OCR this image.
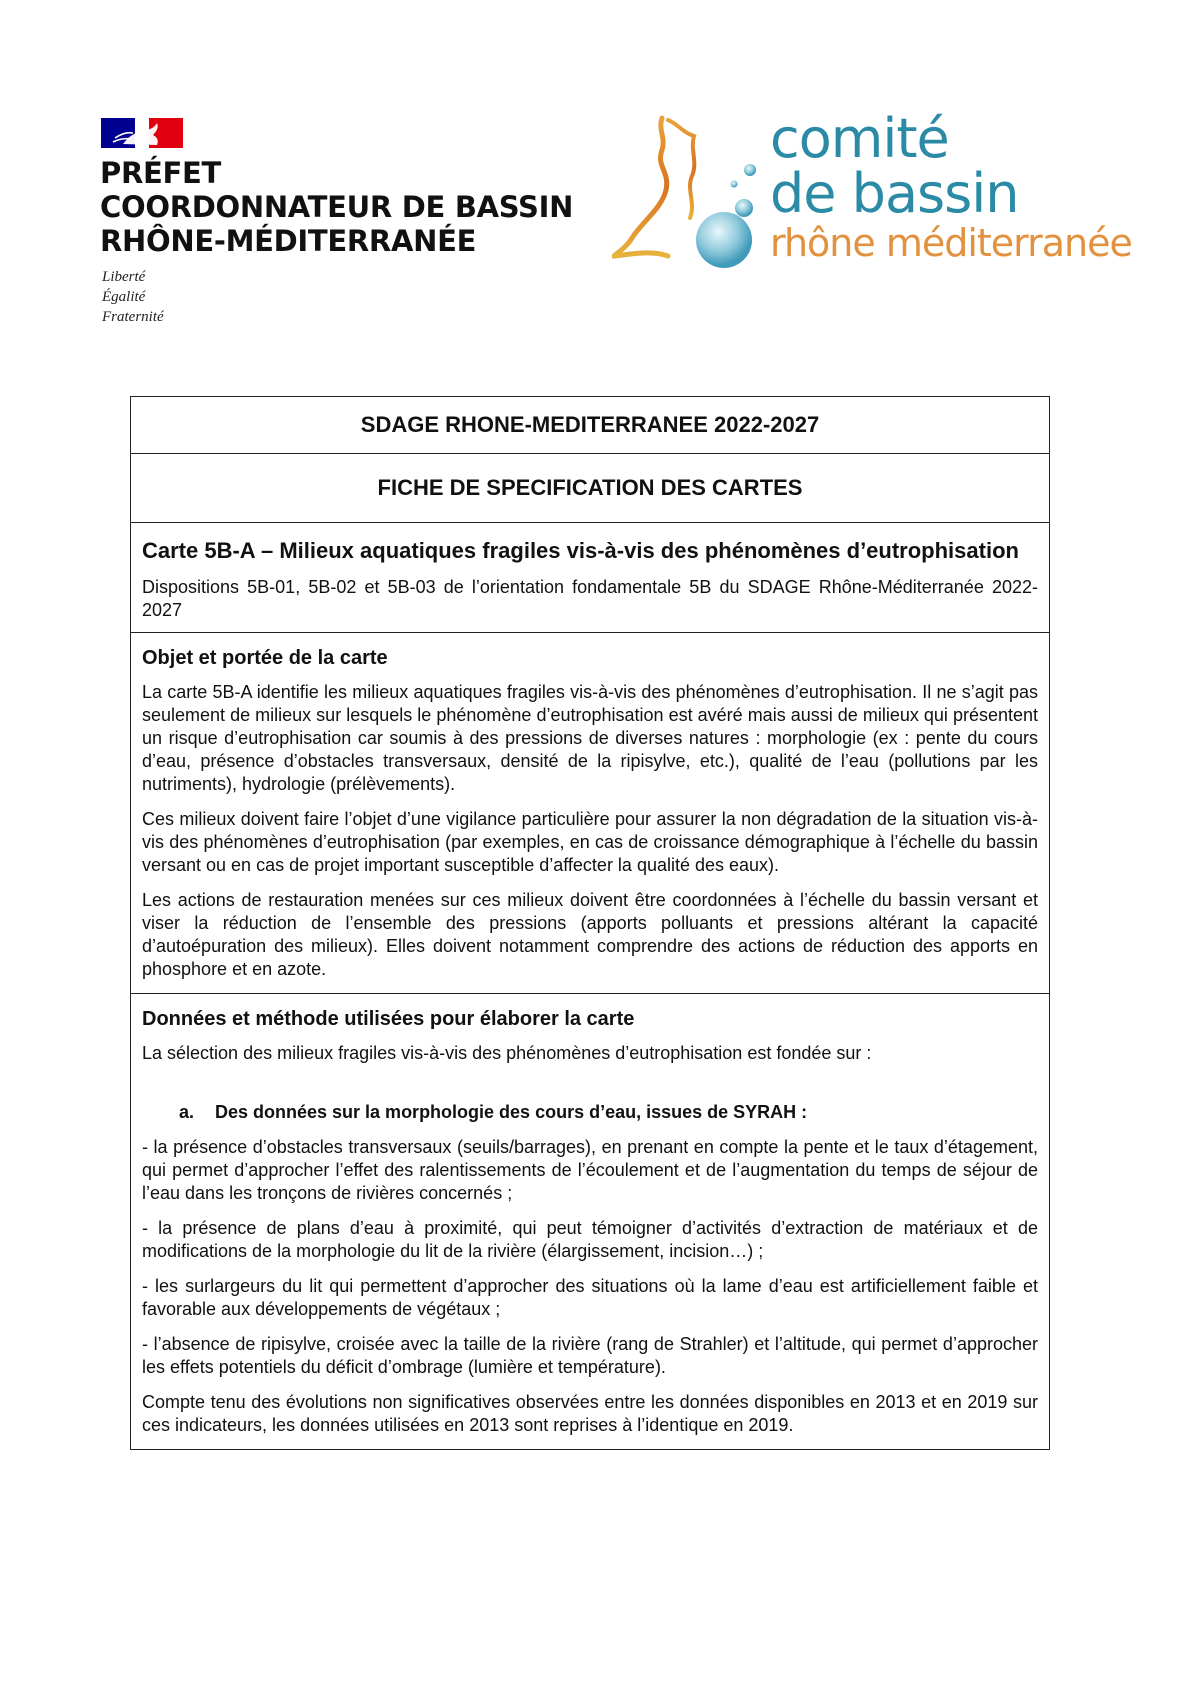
PRÉFET
COORDONNATEUR DE BASSIN
RHÔNE-MÉDITERRANÉE
Liberté
Égalité
Fraternité
comité
de bassin
rhône méditerranée
SDAGE RHONE-MEDITERRANEE 2022-2027
FICHE DE SPECIFICATION DES CARTES
Carte 5B-A – Milieux aquatiques fragiles vis-à-vis des phénomènes d’eutrophisation
Dispositions 5B-01, 5B-02 et 5B-03 de l’orientation fondamentale 5B du SDAGE Rhône-Méditerranée 2022-2027
Objet et portée de la carte

La carte 5B-A identifie les milieux aquatiques fragiles vis-à-vis des phénomènes d’eutrophisation. Il ne s’agit pas seulement de milieux sur lesquels le phénomène d’eutrophisation est avéré mais aussi de milieux qui présentent un risque d’eutrophisation car soumis à des pressions de diverses natures : morphologie (ex : pente du cours d’eau, présence d’obstacles transversaux, densité de la ripisylve, etc.), qualité de l’eau (pollutions par les nutriments), hydrologie (prélèvements).

Ces milieux doivent faire l’objet d’une vigilance particulière pour assurer la non dégradation de la situation vis-à-vis des phénomènes d’eutrophisation (par exemples, en cas de croissance démographique à l’échelle du bassin versant ou en cas de projet important susceptible d’affecter la qualité des eaux).

Les actions de restauration menées sur ces milieux doivent être coordonnées à l’échelle du bassin versant et viser la réduction de l’ensemble des pressions (apports polluants et pressions altérant la capacité d’autoépuration des milieux). Elles doivent notamment comprendre des actions de réduction des apports en phosphore et en azote.

Données et méthode utilisées pour élaborer la carte

La sélection des milieux fragiles vis-à-vis des phénomènes d’eutrophisation est fondée sur :

a. Des données sur la morphologie des cours d’eau, issues de SYRAH :

- la présence d’obstacles transversaux (seuils/barrages), en prenant en compte la pente et le taux d’étagement, qui permet d’approcher l’effet des ralentissements de l’écoulement et de l’augmentation du temps de séjour de l’eau dans les tronçons de rivières concernés ;

- la présence de plans d’eau à proximité, qui peut témoigner d’activités d’extraction de matériaux et de modifications de la morphologie du lit de la rivière (élargissement, incision…) ;

- les surlargeurs du lit qui permettent d’approcher des situations où la lame d’eau est artificiellement faible et favorable aux développements de végétaux ;

- l’absence de ripisylve, croisée avec la taille de la rivière (rang de Strahler) et l’altitude, qui permet d’approcher les effets potentiels du déficit d’ombrage (lumière et température).

Compte tenu des évolutions non significatives observées entre les données disponibles en 2013 et en 2019 sur ces indicateurs, les données utilisées en 2013 sont reprises à l’identique en 2019.
